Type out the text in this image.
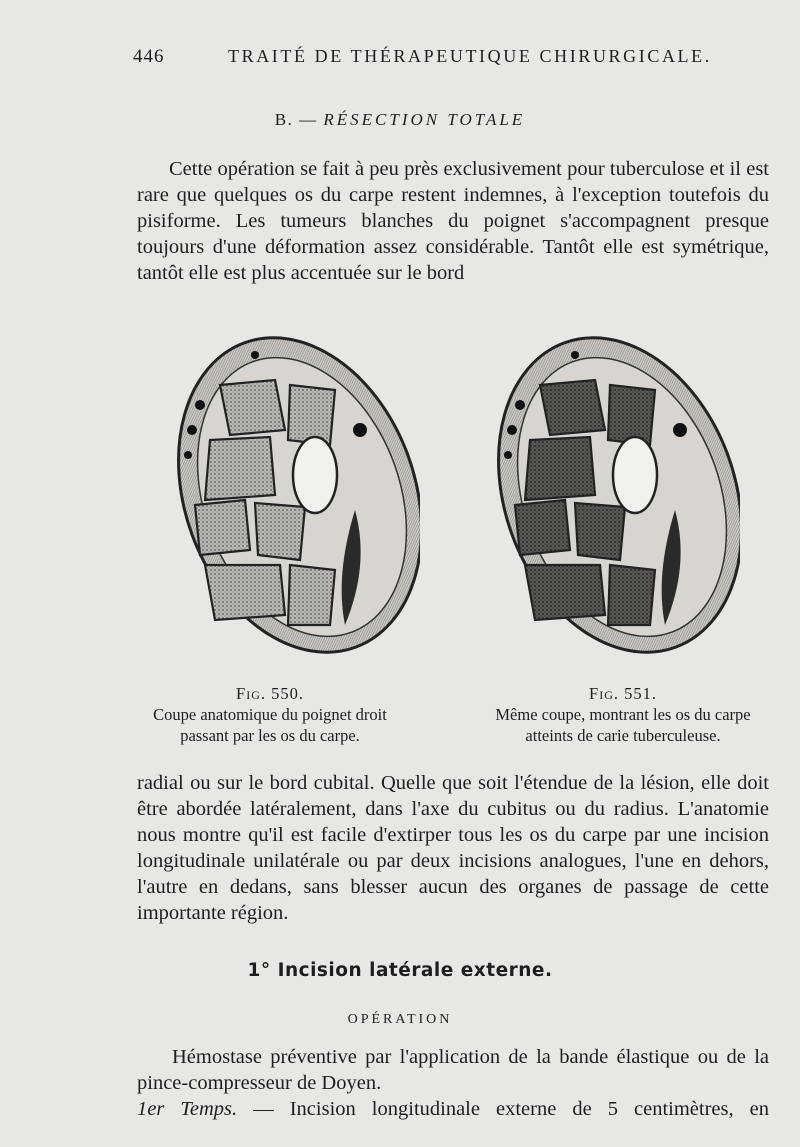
446	TRAITÉ DE THÉRAPEUTIQUE CHIRURGICALE.
B. — RÉSECTION TOTALE

Cette opération se fait à peu près exclusivement pour tuberculose et il est rare que quelques os du carpe restent indemnes, à l'exception toutefois du pisiforme. Les tumeurs blanches du poignet s'accompagnent presque toujours d'une déformation assez considérable. Tantôt elle est symétrique, tantôt elle est plus accentuée sur le bord

Fig. 550.
Coupe anatomique du poignet droit
passant par les os du carpe.
Fig. 551.
Même coupe, montrant les os du carpe
atteints de carie tuberculeuse.

radial ou sur le bord cubital. Quelle que soit l'étendue de la lésion, elle doit être abordée latéralement, dans l'axe du cubitus ou du radius. L'anatomie nous montre qu'il est facile d'extirper tous les os du carpe par une incision longitudinale unilatérale ou par deux incisions analogues, l'une en dehors, l'autre en dedans, sans blesser aucun des organes de passage de cette importante région.

1° Incision latérale externe.
OPÉRATION

Hémostase préventive par l'application de la bande élastique ou de la pince-compresseur de Doyen.

1er Temps. — Incision longitudinale externe de 5 centimètres, en
